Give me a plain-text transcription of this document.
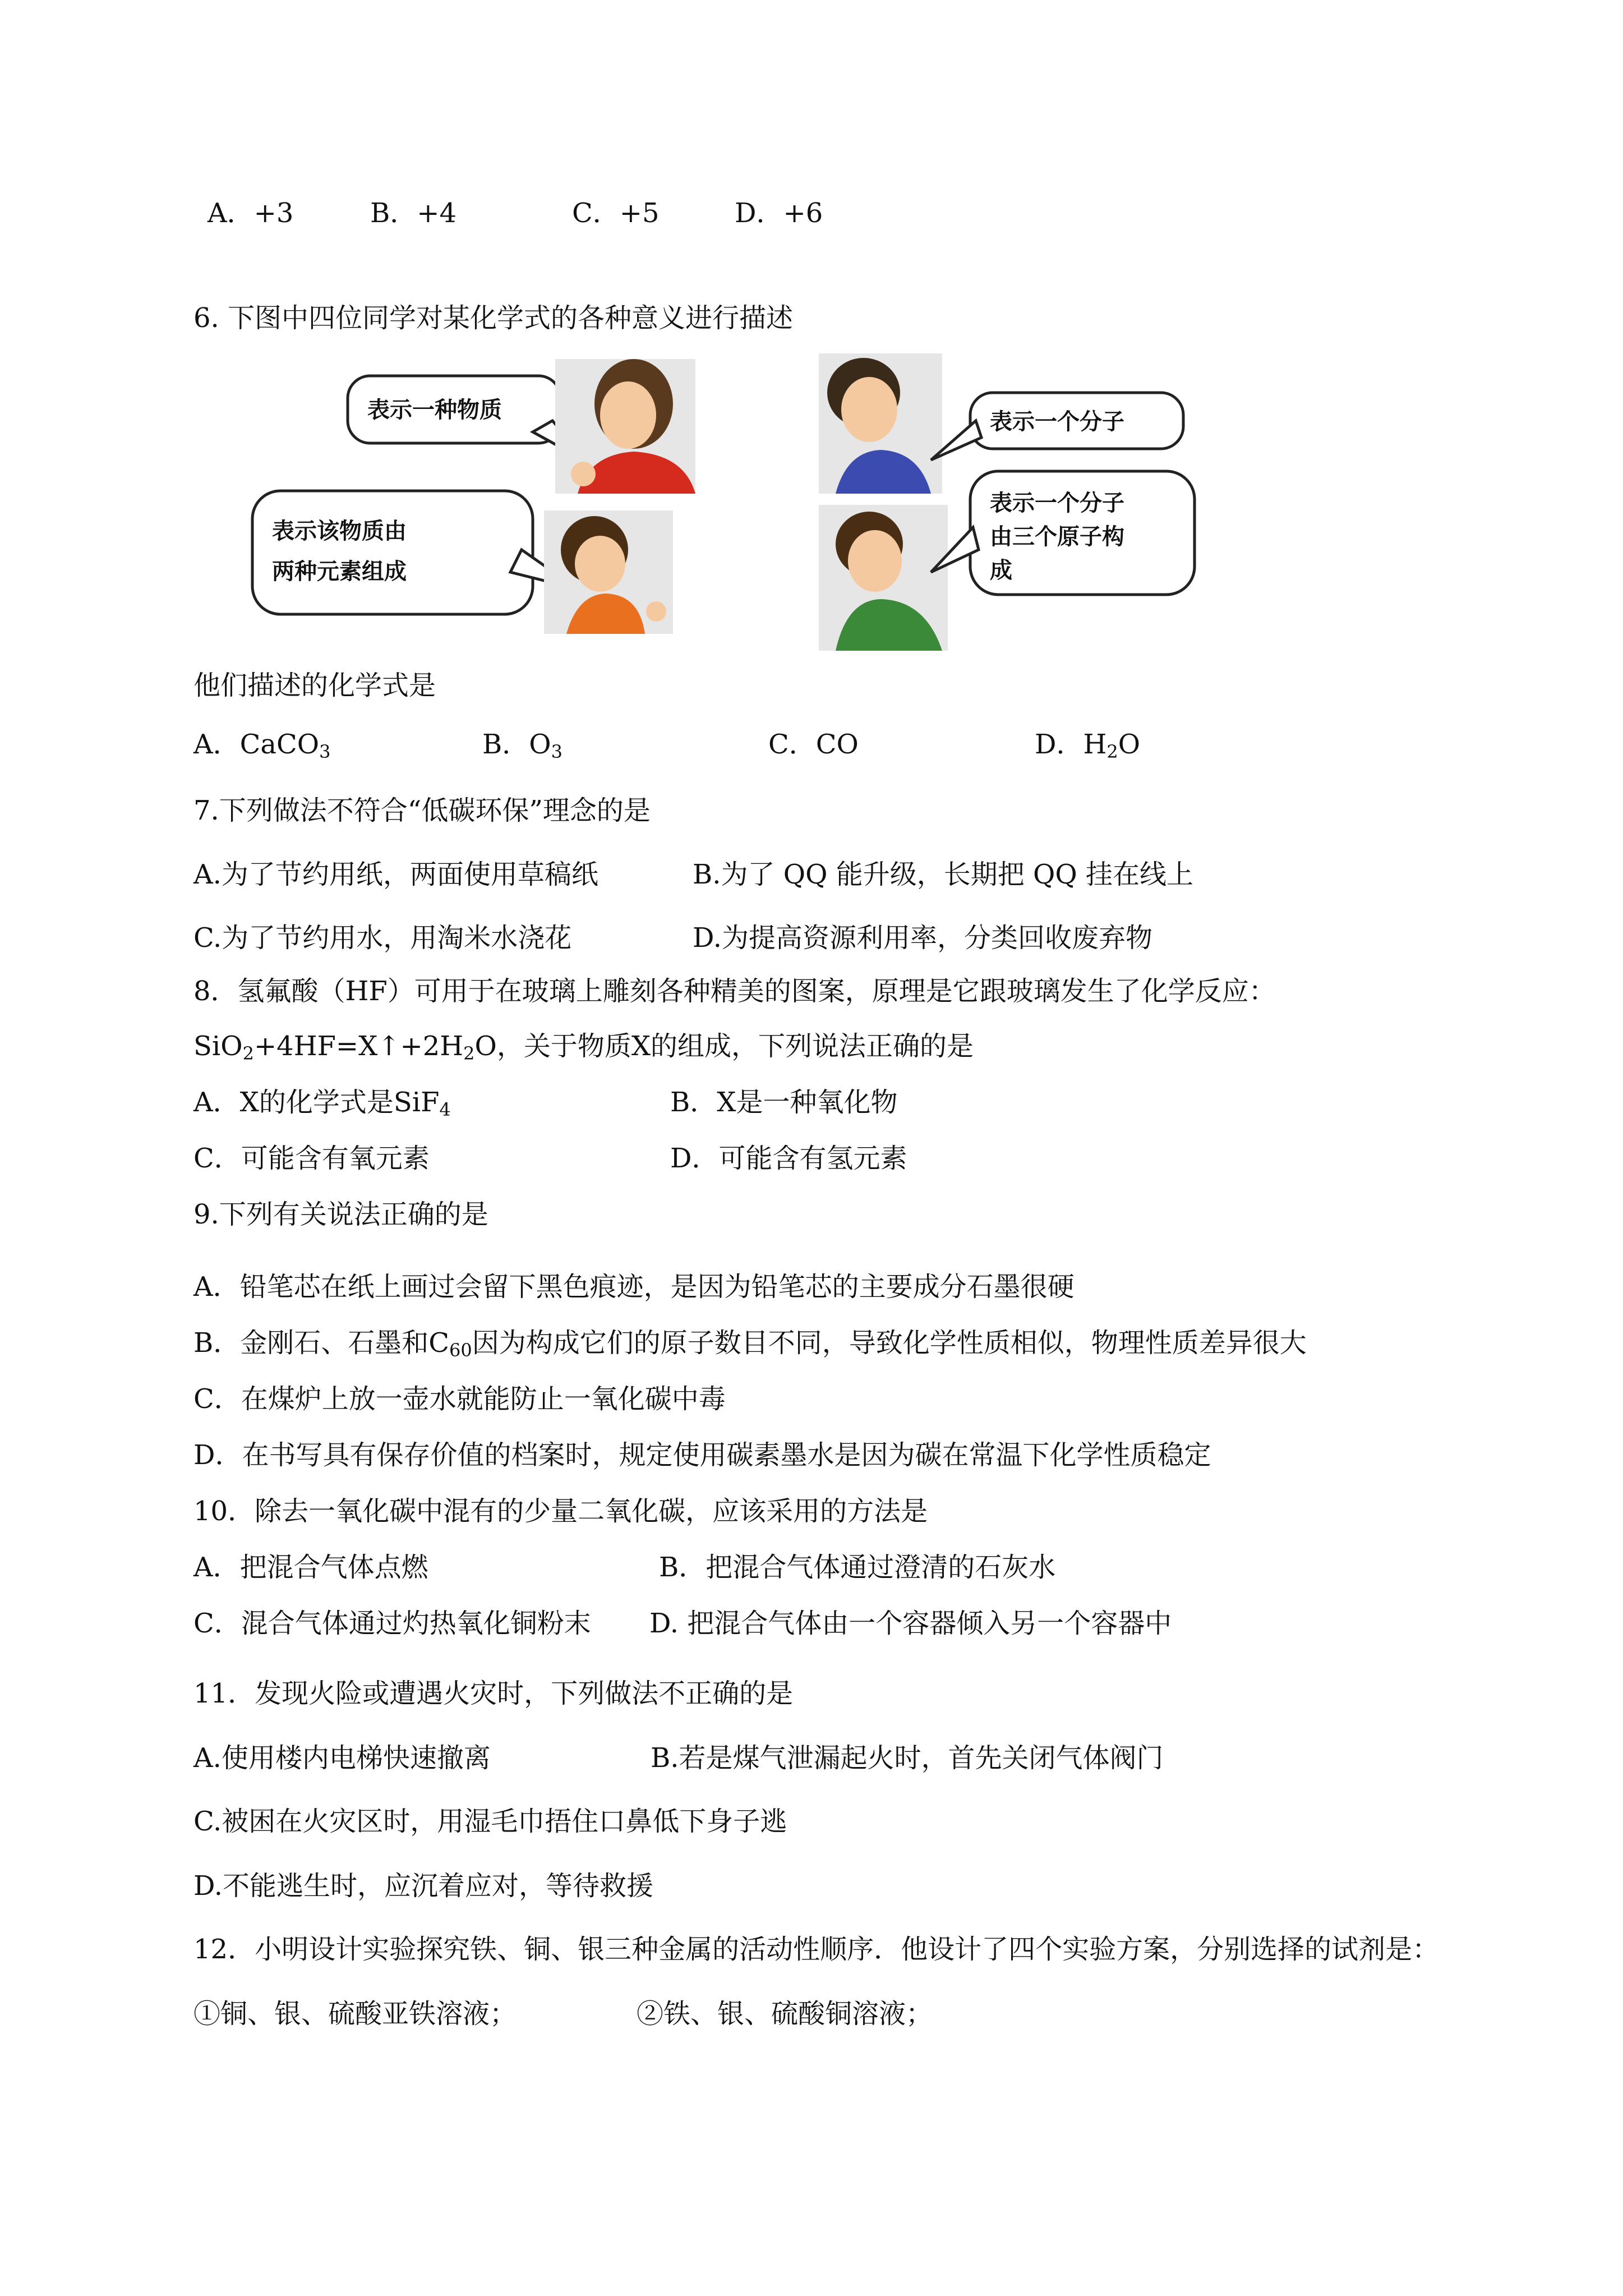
A．+3	B．+4	C．+5	D．+6
6. 下图中四位同学对某化学式的各种意义进行描述
表示一种物质
表示该物质由
两种元素组成
表示一个分子
表示一个分子
由三个原子构
成
他们描述的化学式是
A．CaCO$_3$	B．$O_3$	C．CO	D．$H_2O$
7.下列做法不符合“低碳环保”理念的是
A.为了节约用纸，两面使用草稿纸	B.为了 QQ 能升级，长期把 QQ 挂在线上
C.为了节约用水，用淘米水浇花	D.为提高资源利用率，分类回收废弃物
8．氢氟酸（HF）可用于在玻璃上雕刻各种精美的图案，原理是它跟玻璃发生了化学反应：
$SiO_2+4HF=X↑+2H_2O$，关于物质X的组成，下列说法正确的是
A．X的化学式是SiF$_4$	B．X是一种氧化物
C．可能含有氧元素	D．可能含有氢元素
9.下列有关说法正确的是
A．铅笔芯在纸上画过会留下黑色痕迹，是因为铅笔芯的主要成分石墨很硬
B．金刚石、石墨和$C_{60}$因为构成它们的原子数目不同，导致化学性质相似，物理性质差异很大
C．在煤炉上放一壶水就能防止一氧化碳中毒
D．在书写具有保存价值的档案时，规定使用碳素墨水是因为碳在常温下化学性质稳定
10．除去一氧化碳中混有的少量二氧化碳，应该采用的方法是
A．把混合气体点燃	B．把混合气体通过澄清的石灰水
C．混合气体通过灼热氧化铜粉末 D. 把混合气体由一个容器倾入另一个容器中
11．发现火险或遭遇火灾时，下列做法不正确的是
A.使用楼内电梯快速撤离	B.若是煤气泄漏起火时，首先关闭气体阀门
C.被困在火灾区时，用湿毛巾捂住口鼻低下身子逃
D.不能逃生时，应沉着应对，等待救援
12．小明设计实验探究铁、铜、银三种金属的活动性顺序．他设计了四个实验方案，分别选择的试剂是：
①铜、银、硫酸亚铁溶液；	②铁、银、硫酸铜溶液；
